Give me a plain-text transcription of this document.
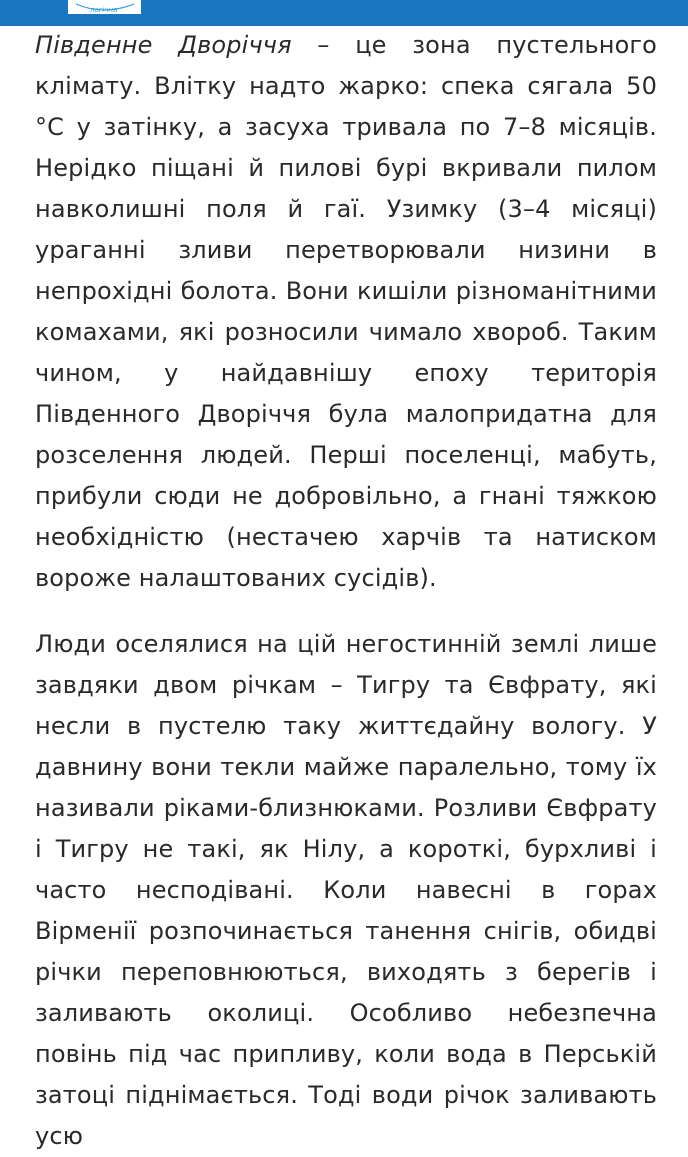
логічна

Південне Дворіччя – це зона пустельного клімату. Влітку надто жарко: спека сягала 50 °С у затінку, а засуха тривала по 7–8 місяців. Нерідко піщані й пилові бурі вкривали пилом навколишні поля й гаї. Узимку (3–4 місяці) ураганні зливи перетворювали низини в непрохідні болота. Вони кишіли різноманітними комахами, які розносили чимало хвороб. Таким чином, у найдавнішу епоху територія Південного Дворіччя була малопридатна для розселення людей. Перші поселенці, мабуть, прибули сюди не добровільно, а гнані тяжкою необхідністю (нестачею харчів та натиском вороже налаштованих сусідів).

Люди оселялися на цій негостинній землі лише завдяки двом річкам – Тигру та Євфрату, які несли в пустелю таку життєдайну вологу. У давнину вони текли майже паралельно, тому їх називали ріками-близнюками. Розливи Євфрату і Тигру не такі, як Нілу, а короткі, бурхливі і часто несподівані. Коли навесні в горах Вірменії розпочинається танення снігів, обидві річки переповнюються, виходять з берегів і заливають околиці. Особливо небезпечна повінь під час припливу, коли вода в Перській затоці піднімається. Тоді води річок заливають усю
